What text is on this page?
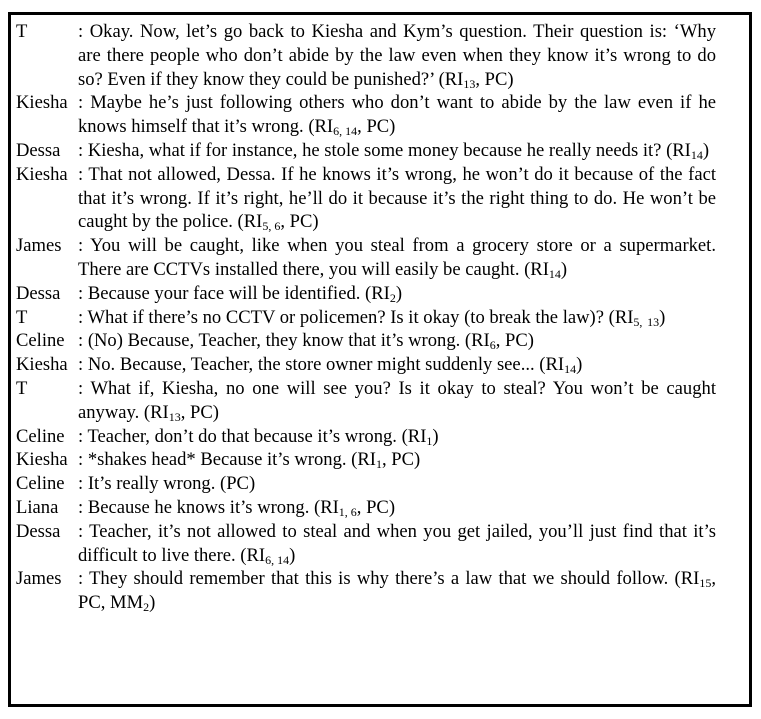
T	: Okay. Now, let’s go back to Kiesha and Kym’s question. Their question is: ‘Why are there people who don’t abide by the law even when they know it’s wrong to do so? Even if they know they could be punished?’ ($RI_{13}$, PC)
Kiesha : Maybe he’s just following others who don’t want to abide by the law even if he knows himself that it’s wrong. ($RI_{6, 14}$, PC)
Dessa : Kiesha, what if for instance, he stole some money because he really needs it? $(RI_{14})$
Kiesha : That not allowed, Dessa. If he knows it’s wrong, he won’t do it because of the fact that it’s wrong. If it’s right, he’ll do it because it’s the right thing to do. He won’t be caught by the police. ($RI_{5, 6}$, PC)
James : You will be caught, like when you steal from a grocery store or a supermarket. There are CCTVs installed there, you will easily be caught. $(RI_{14})$
Dessa : Because your face will be identified. $(RI_2)$
T	: What if there’s no CCTV or policemen? Is it okay (to break the law)? ($RI_{5,}$ $_{13}$)
Celine : (No) Because, Teacher, they know that it’s wrong. ($RI_6$, PC)
Kiesha : No. Because, Teacher, the store owner might suddenly see... $(RI_{14})$
T	: What if, Kiesha, no one will see you? Is it okay to steal? You won’t be caught anyway. ($RI_{13}$, PC)
Celine : Teacher, don’t do that because it’s wrong. $(RI_1)$
Kiesha : *shakes head* Because it’s wrong. ($RI_1$, PC)
Celine : It’s really wrong. (PC)
Liana	: Because he knows it’s wrong. ($RI_{1, 6}$, PC)
Dessa : Teacher, it’s not allowed to steal and when you get jailed, you’ll just find that it’s difficult to live there. $(RI_{6, 14})$
James : They should remember that this is why there’s a law that we should follow. ($RI_{15}$, PC, $MM_2$)
